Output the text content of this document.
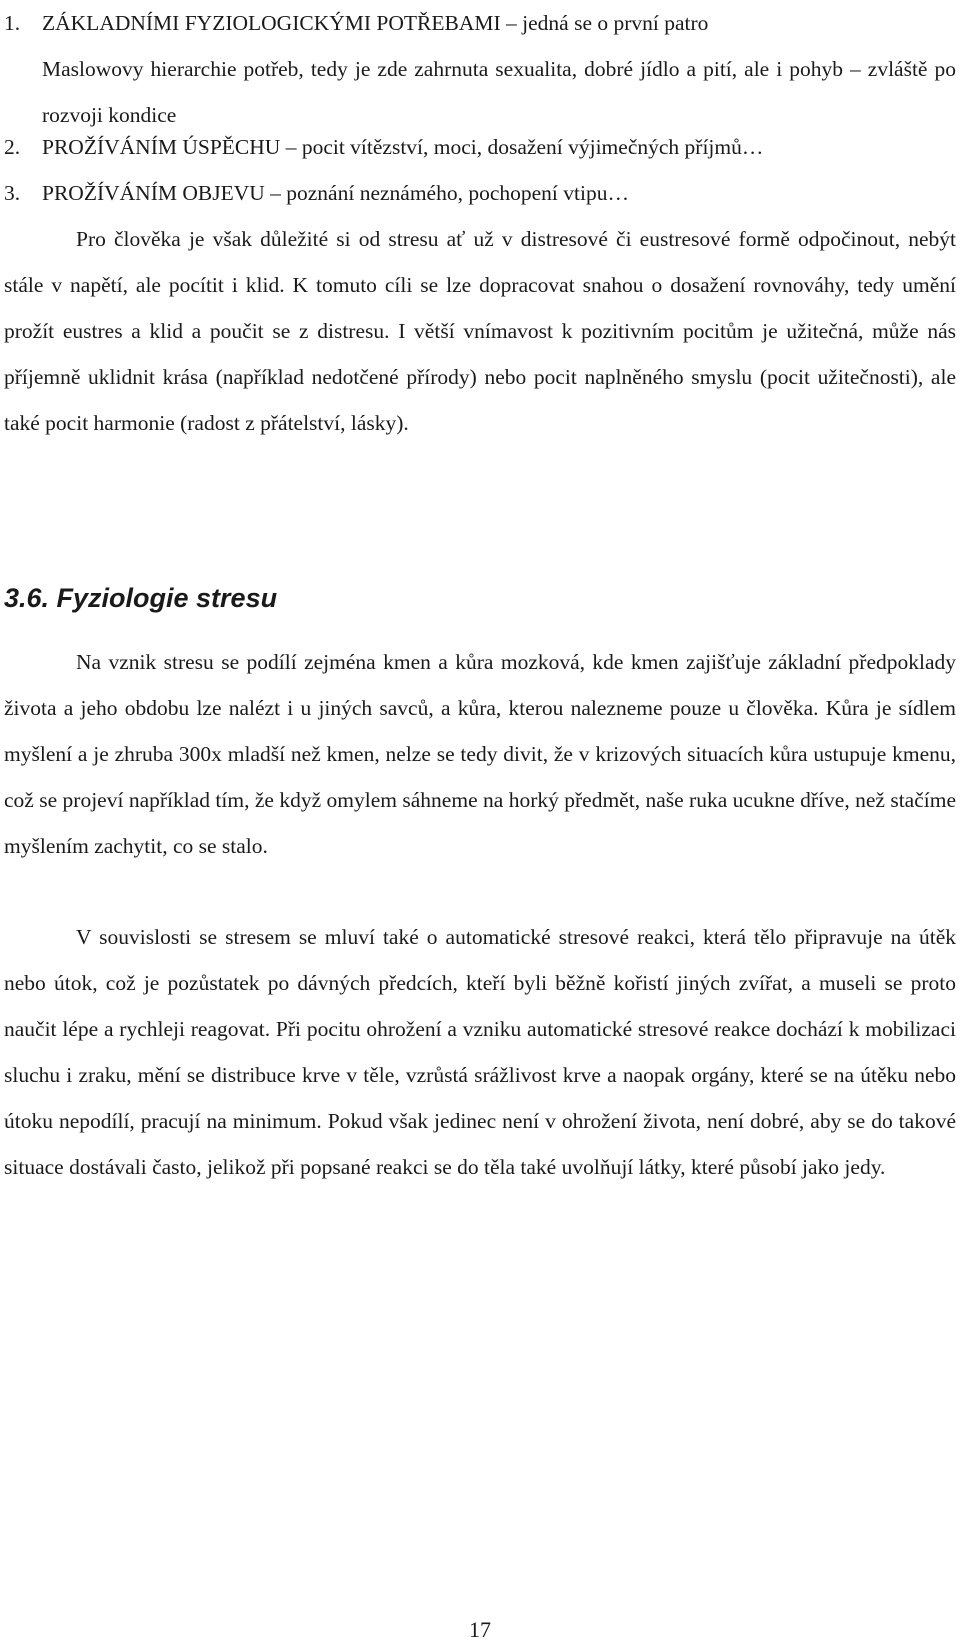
1. ZÁKLADNÍMI FYZIOLOGICKÝMI POTŘEBAMI – jedná se o první patro
Maslowovy hierarchie potřeb, tedy je zde zahrnuta sexualita, dobré jídlo a pití, ale i pohyb – zvláště po rozvoji kondice
2. PROŽÍVÁNÍM ÚSPĚCHU – pocit vítězství, moci, dosažení výjimečných příjmů…
3. PROŽÍVÁNÍM OBJEVU – poznání neznámého, pochopení vtipu…

Pro člověka je však důležité si od stresu ať už v distresové či eustresové formě odpočinout, nebýt stále v napětí, ale pocítit i klid. K tomuto cíli se lze dopracovat snahou o dosažení rovnováhy, tedy umění prožít eustres a klid a poučit se z distresu. I větší vnímavost k pozitivním pocitům je užitečná, může nás příjemně uklidnit krása (například nedotčené přírody) nebo pocit naplněného smyslu (pocit užitečnosti), ale také pocit harmonie (radost z přátelství, lásky).

3.6. Fyziologie stresu

Na vznik stresu se podílí zejména kmen a kůra mozková, kde kmen zajišťuje základní předpoklady života a jeho obdobu lze nalézt i u jiných savců, a kůra, kterou nalezneme pouze u člověka. Kůra je sídlem myšlení a je zhruba 300x mladší než kmen, nelze se tedy divit, že v krizových situacích kůra ustupuje kmenu, což se projeví například tím, že když omylem sáhneme na horký předmět, naše ruka ucukne dříve, než stačíme myšlením zachytit, co se stalo.

V souvislosti se stresem se mluví také o automatické stresové reakci, která tělo připravuje na útěk nebo útok, což je pozůstatek po dávných předcích, kteří byli běžně kořistí jiných zvířat, a museli se proto naučit lépe a rychleji reagovat. Při pocitu ohrožení a vzniku automatické stresové reakce dochází k mobilizaci sluchu i zraku, mění se distribuce krve v těle, vzrůstá srážlivost krve a naopak orgány, které se na útěku nebo útoku nepodílí, pracují na minimum. Pokud však jedinec není v ohrožení života, není dobré, aby se do takové situace dostávali často, jelikož při popsané reakci se do těla také uvolňují látky, které působí jako jedy.

17
